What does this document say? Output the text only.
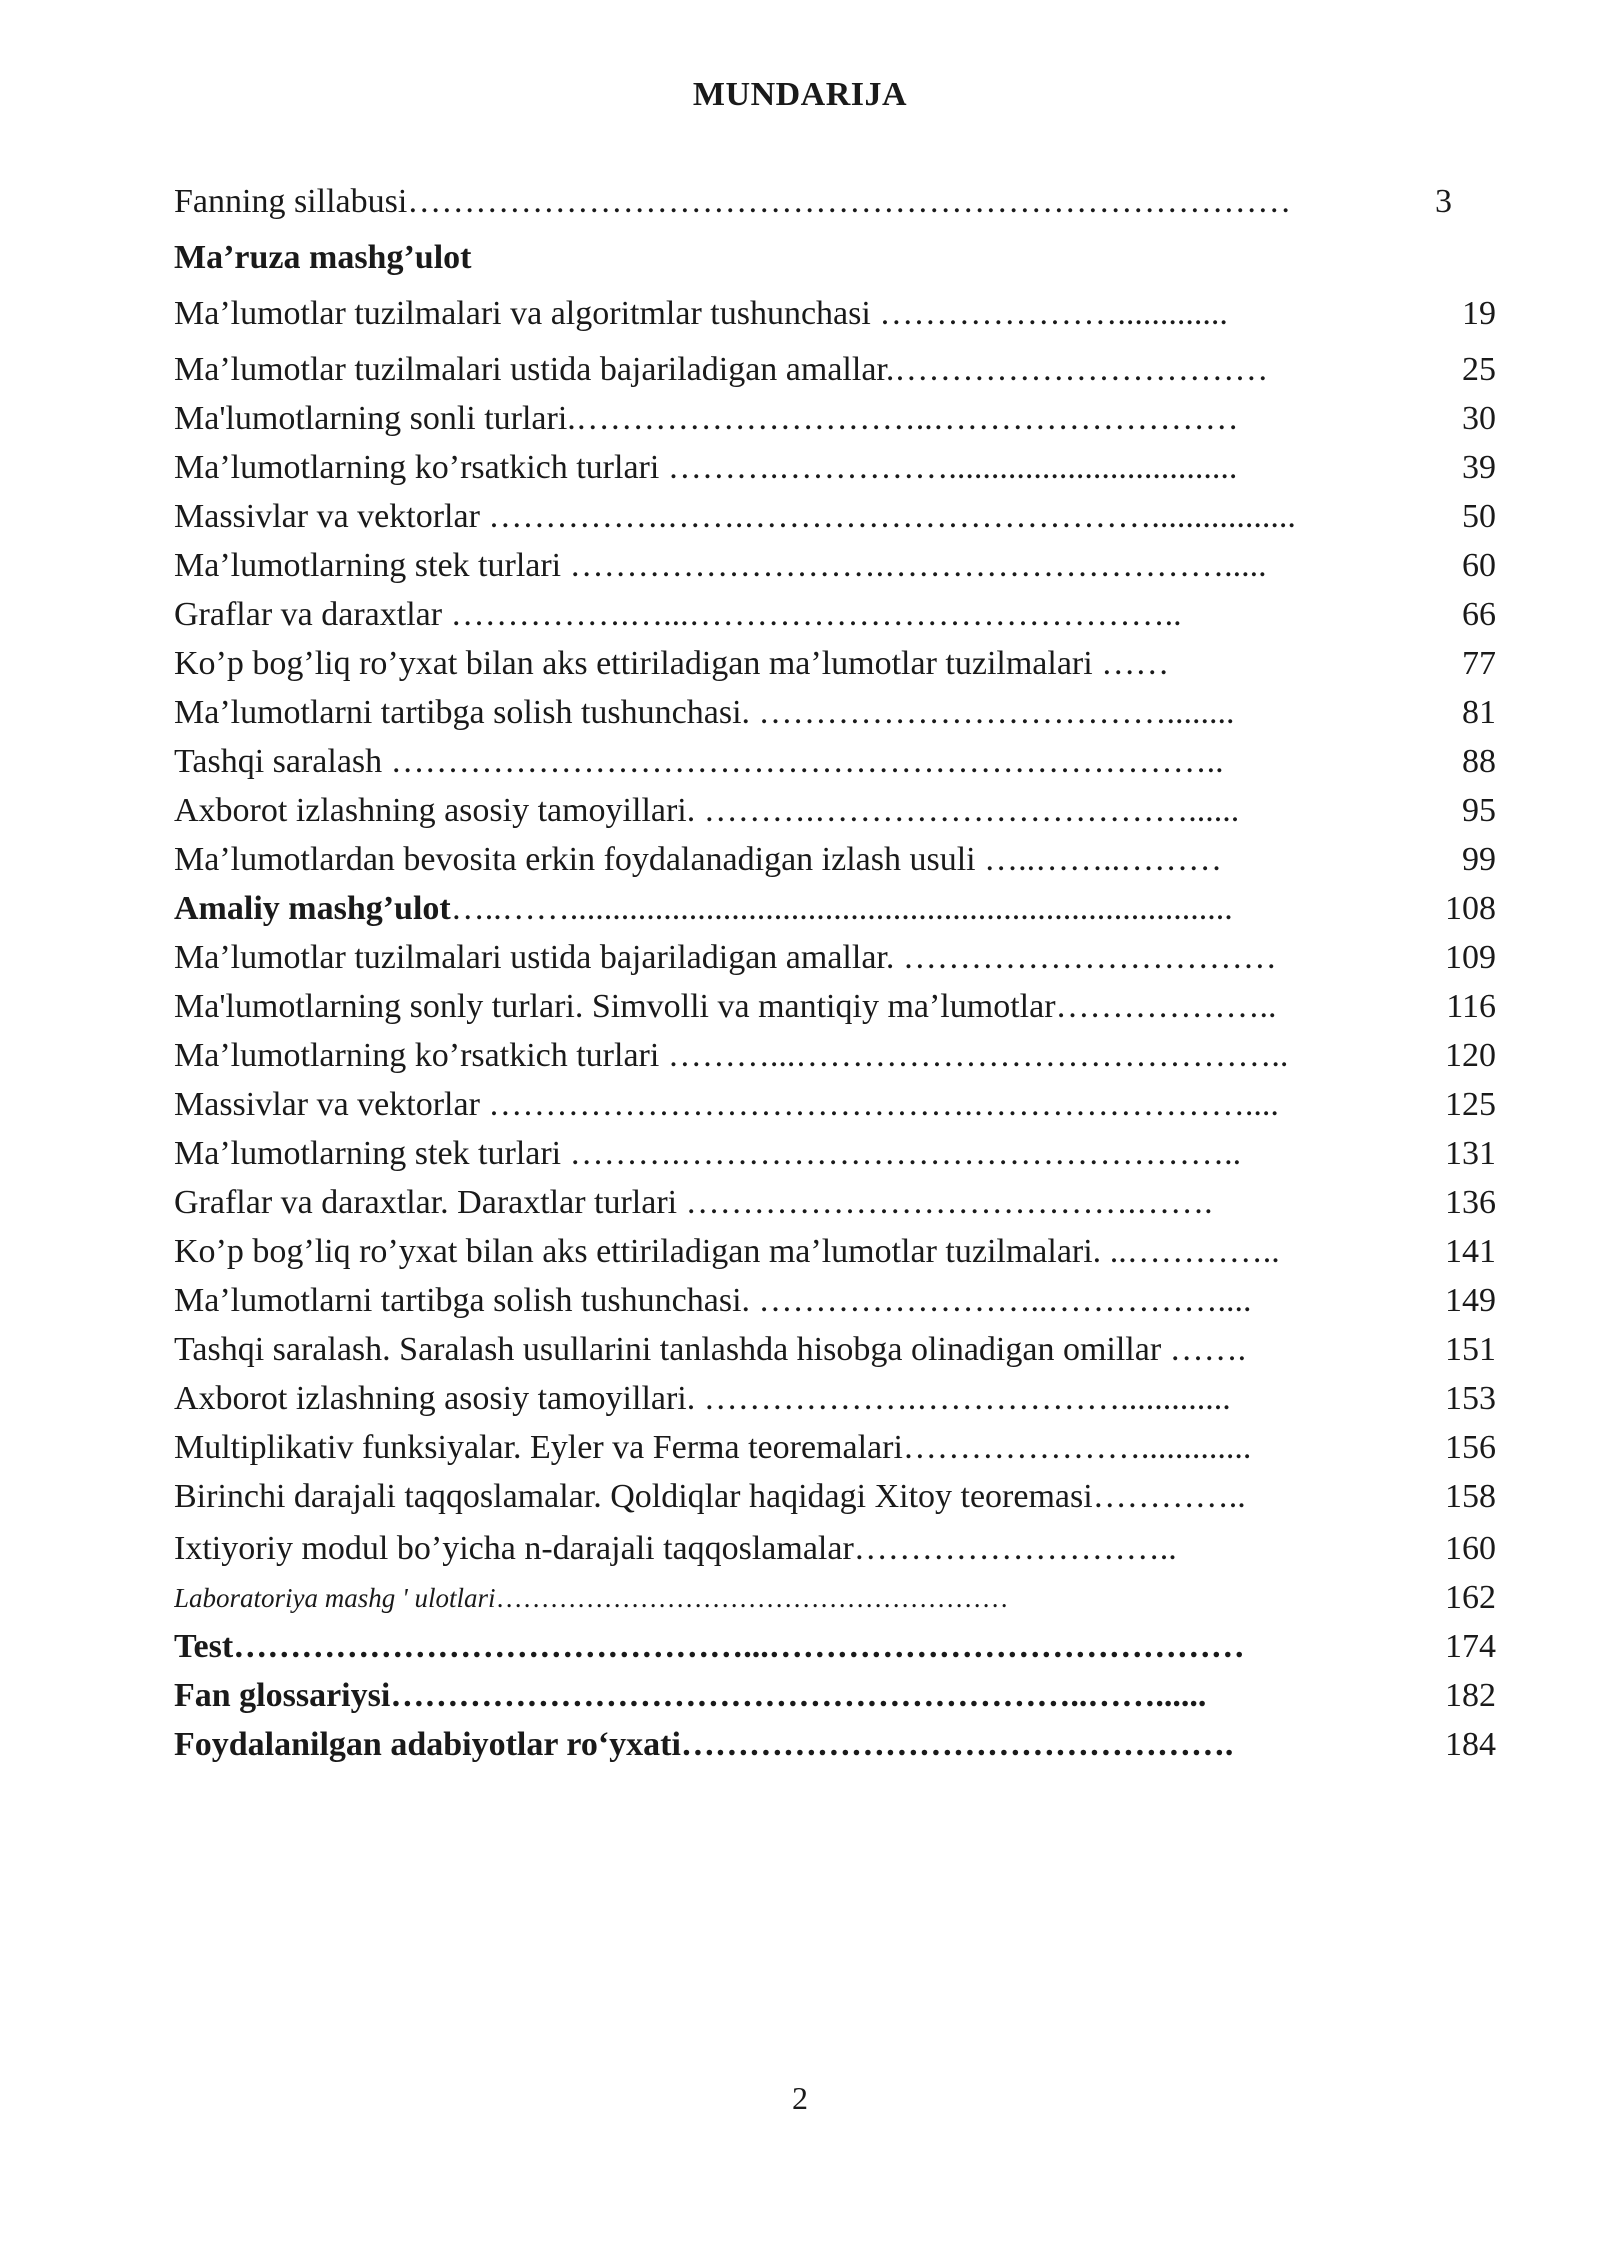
MUNDARIJA
Fanning sillabusi……………………………………………………………………	3
Ma’ruza mashg’ulot
Ma’lumotlar tuzilmalari va algoritmlar tushunchasi ………………….............	19
Ma’lumotlar tuzilmalari ustida bajariladigan amallar.……………………………	25
Ma'lumotlarning sonli turlari.…………………………..………………………	30
Ma’lumotlarning ko’rsatkich turlari ……….……………..................................	39
Massivlar va vektorlar …………….…….……………………………….................	50
Ma’lumotlarning stek turlari ……………………….………………………….....	60
Graflar va daraxtlar …………….…...……………………………………..	66
Ko’p bog’liq ro’yxat bilan aks ettiriladigan ma’lumotlar tuzilmalari ……	77
Ma’lumotlarni tartibga solish tushunchasi. ………………………………........	81
Tashqi saralash ………………………………………………………………..	88
Axborot izlashning asosiy tamoyillari. ……….……………………………......	95
Ma’lumotlardan bevosita erkin foydalanadigan izlash usuli …..……..………	99
Amaliy mashg’ulot…..……..............................................................................	108
Ma’lumotlar tuzilmalari ustida bajariladigan amallar. ……………………………	109
Ma'lumotlarning sonly turlari. Simvolli va mantiqiy ma’lumotlar………………..	116
Ma’lumotlarning ko’rsatkich turlari ………...……………………………………..	120
Massivlar va vektorlar …………………………………….……………………....	125
Ma’lumotlarning stek turlari ……….…………………………………………..	131
Graflar va daraxtlar. Daraxtlar turlari ………………………………….…….	136
Ko’p bog’liq ro’yxat bilan aks ettiriladigan ma’lumotlar tuzilmalari. ..…………..	141
Ma’lumotlarni tartibga solish tushunchasi. ……………………..……………....	149
Tashqi saralash. Saralash usullarini tanlashda hisobga olinadigan omillar …….	151
Axborot izlashning asosiy tamoyillari. ……………….……………….............	153
Multiplikativ funksiyalar. Eyler va Ferma teoremalari………………….............	156
Birinchi darajali taqqoslamalar. Qoldiqlar haqidagi Xitoy teoremasi…………..	158
Ixtiyoriy modul bo’yicha n-darajali taqqoslamalar………………………..	160
Laboratoriya mashg ' ulotlari…………………………………………………	162
Test………………………………………...……………………………………	174
Fan glossariysi……………………………………………………..……......	182
Foydalanilgan adabiyotlar ro‘yxati………………………………………….	184
2
